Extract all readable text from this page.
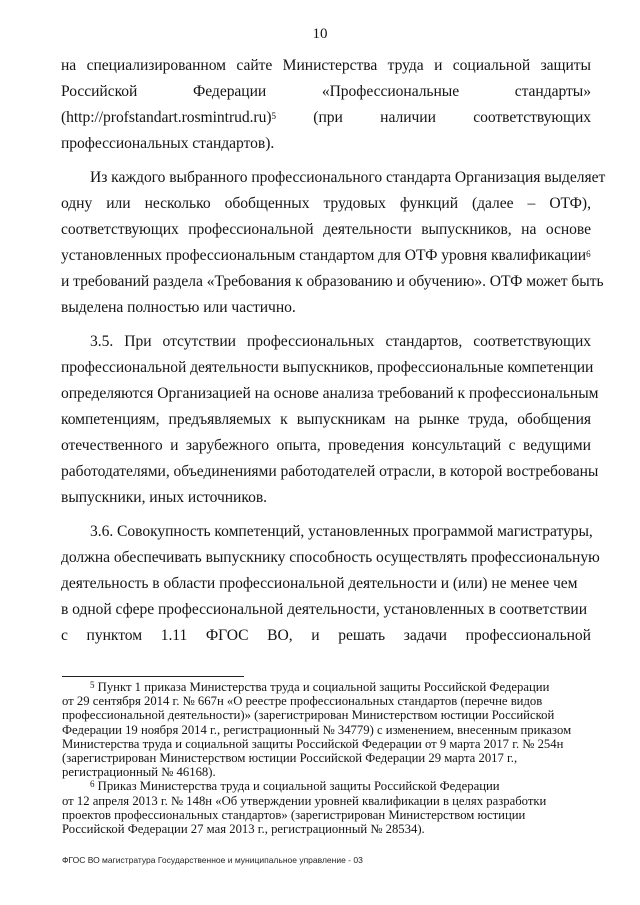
10
на специализированном сайте Министерства труда и социальной защиты
Российской	Федерации	«Профессиональные	стандарты»
(http://profstandart.rosmintrud.ru)$^5$ (при наличии соответствующих
профессиональных стандартов).
Из каждого выбранного профессионального стандарта Организация выделяет
одну или несколько обобщенных трудовых функций (далее – ОТФ),
соответствующих профессиональной деятельности выпускников, на основе
установленных профессиональным стандартом для ОТФ уровня квалификации$^6$
и требований раздела «Требования к образованию и обучению». ОТФ может быть
выделена полностью или частично.
3.5. При отсутствии профессиональных стандартов, соответствующих
профессиональной деятельности выпускников, профессиональные компетенции
определяются Организацией на основе анализа требований к профессиональным
компетенциям, предъявляемых к выпускникам на рынке труда, обобщения
отечественного и зарубежного опыта, проведения консультаций с ведущими
работодателями, объединениями работодателей отрасли, в которой востребованы
выпускники, иных источников.
3.6. Совокупность компетенций, установленных программой магистратуры,
должна обеспечивать выпускнику способность осуществлять профессиональную
деятельность в области профессиональной деятельности и (или) не менее чем
в одной сфере профессиональной деятельности, установленных в соответствии
с пунктом 1.11 ФГОС ВО, и решать задачи профессиональной
$^5$ Пункт 1 приказа Министерства труда и социальной защиты Российской Федерации
от 29 сентября 2014 г. № 667н «О реестре профессиональных стандартов (перечне видов
профессиональной деятельности)» (зарегистрирован Министерством юстиции Российской
Федерации 19 ноября 2014 г., регистрационный № 34779) с изменением, внесенным приказом
Министерства труда и социальной защиты Российской Федерации от 9 марта 2017 г. № 254н
(зарегистрирован Министерством юстиции Российской Федерации 29 марта 2017 г.,
регистрационный № 46168).
$^6$ Приказ Министерства труда и социальной защиты Российской Федерации
от 12 апреля 2013 г. № 148н «Об утверждении уровней квалификации в целях разработки
проектов профессиональных стандартов» (зарегистрирован Министерством юстиции
Российской Федерации 27 мая 2013 г., регистрационный № 28534).
ФГОС ВО магистратура Государственное и муниципальное управление - 03
